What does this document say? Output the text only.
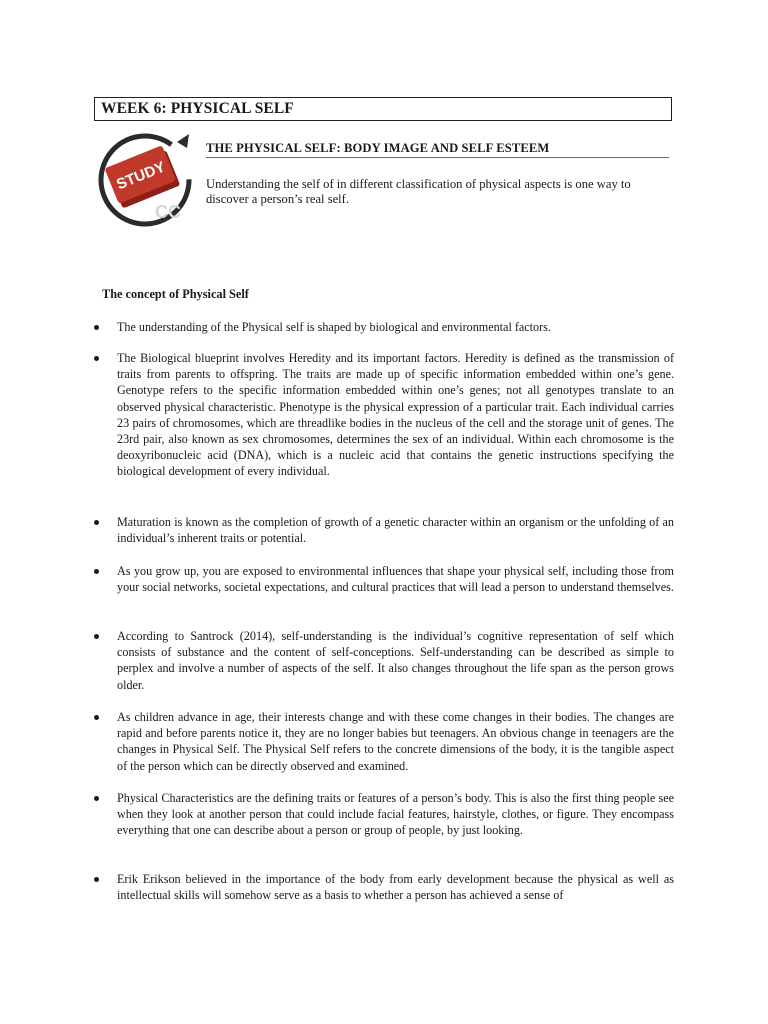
WEEK 6: PHYSICAL SELF
STUDY
CC
THE PHYSICAL SELF: BODY IMAGE AND SELF ESTEEM
Understanding the self of in different classification of physical aspects is one way to discover a person’s real self.
The concept of Physical Self
The understanding of the Physical self is shaped by biological and environmental factors.
The Biological blueprint involves Heredity and its important factors. Heredity is defined as the transmission of traits from parents to offspring. The traits are made up of specific information embedded within one’s gene. Genotype refers to the specific information embedded within one’s genes; not all genotypes translate to an observed physical characteristic. Phenotype is the physical expression of a particular trait. Each individual carries 23 pairs of chromosomes, which are threadlike bodies in the nucleus of the cell and the storage unit of genes. The 23rd pair, also known as sex chromosomes, determines the sex of an individual. Within each chromosome is the deoxyribonucleic acid (DNA), which is a nucleic acid that contains the genetic instructions specifying the biological development of every individual.
Maturation is known as the completion of growth of a genetic character within an organism or the unfolding of an individual’s inherent traits or potential.
As you grow up, you are exposed to environmental influences that shape your physical self, including those from your social networks, societal expectations, and cultural practices that will lead a person to understand themselves.
According to Santrock (2014), self-understanding is the individual’s cognitive representation of self which consists of substance and the content of self-conceptions. Self-understanding can be described as simple to perplex and involve a number of aspects of the self. It also changes throughout the life span as the person grows older.
As children advance in age, their interests change and with these come changes in their bodies. The changes are rapid and before parents notice it, they are no longer babies but teenagers. An obvious change in teenagers are the changes in Physical Self. The Physical Self refers to the concrete dimensions of the body, it is the tangible aspect of the person which can be directly observed and examined.
Physical Characteristics are the defining traits or features of a person’s body. This is also the first thing people see when they look at another person that could include facial features, hairstyle, clothes, or figure. They encompass everything that one can describe about a person or group of people, by just looking.
Erik Erikson believed in the importance of the body from early development because the physical as well as intellectual skills will somehow serve as a basis to whether a person has achieved a sense of
